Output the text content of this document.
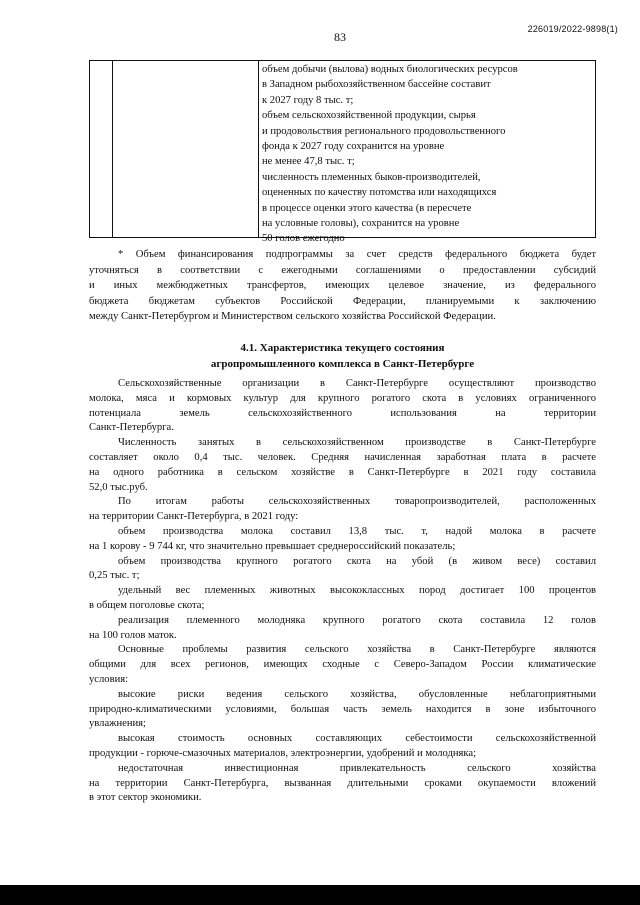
226019/2022-9898(1)
83
объем добычи (вылова) водных биологических ресурсов
в Западном рыбохозяйственном бассейне составит
к 2027 году 8 тыс. т;
объем сельскохозяйственной продукции, сырья
и продовольствия регионального продовольственного
фонда к 2027 году сохранится на уровне
не менее 47,8 тыс. т;
численность племенных быков-производителей,
оцененных по качеству потомства или находящихся
в процессе оценки этого качества (в пересчете
на условные головы), сохранится на уровне
50 голов ежегодно
* Объем финансирования подпрограммы за счет средств федерального бюджета будет
уточняться в соответствии с ежегодными соглашениями о предоставлении субсидий
и иных межбюджетных трансфертов, имеющих целевое значение, из федерального
бюджета бюджетам субъектов Российской Федерации, планируемыми к заключению
между Санкт-Петербургом и Министерством сельского хозяйства Российской Федерации.
4.1. Характеристика текущего состояния
агропромышленного комплекса в Санкт-Петербурге
Сельскохозяйственные организации в Санкт-Петербурге осуществляют производство
молока, мяса и кормовых культур для крупного рогатого скота в условиях ограниченного
потенциала земель сельскохозяйственного использования на территории
Санкт-Петербурга.
Численность занятых в сельскохозяйственном производстве в Санкт-Петербурге
составляет около 0,4 тыс. человек. Средняя начисленная заработная плата в расчете
на одного работника в сельском хозяйстве в Санкт-Петербурге в 2021 году составила
52,0 тыс.руб.
По итогам работы сельскохозяйственных товаропроизводителей, расположенных
на территории Санкт-Петербурга, в 2021 году:
объем производства молока составил 13,8 тыс. т, надой молока в расчете
на 1 корову - 9 744 кг, что значительно превышает среднероссийский показатель;
объем производства крупного рогатого скота на убой (в живом весе) составил
0,25 тыс. т;
удельный вес племенных животных высококлассных пород достигает 100 процентов
в общем поголовье скота;
реализация племенного молодняка крупного рогатого скота составила 12 голов
на 100 голов маток.
Основные проблемы развития сельского хозяйства в Санкт-Петербурге являются
общими для всех регионов, имеющих сходные с Северо-Западом России климатические
условия:
высокие риски ведения сельского хозяйства, обусловленные неблагоприятными
природно-климатическими условиями, большая часть земель находится в зоне избыточного
увлажнения;
высокая стоимость основных составляющих себестоимости сельскохозяйственной
продукции - горюче-смазочных материалов, электроэнергии, удобрений и молодняка;
недостаточная инвестиционная привлекательность сельского хозяйства
на территории Санкт-Петербурга, вызванная длительными сроками окупаемости вложений
в этот сектор экономики.
